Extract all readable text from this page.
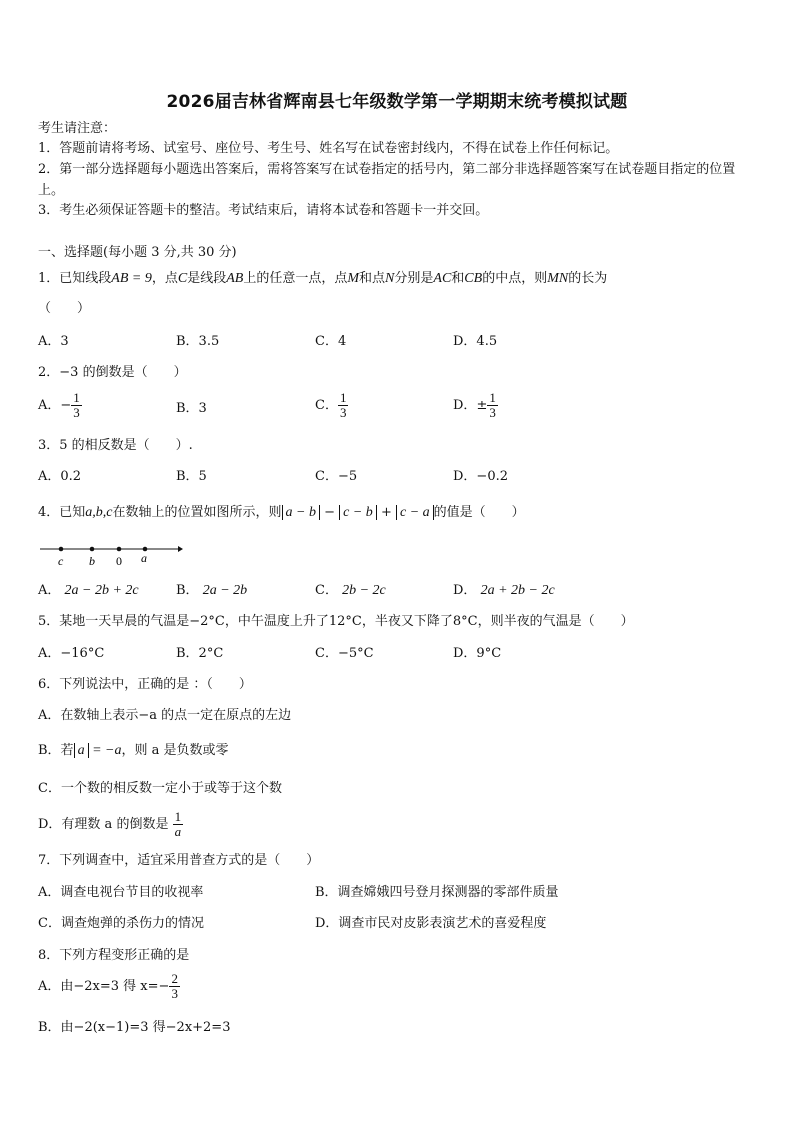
2026届吉林省辉南县七年级数学第一学期期末统考模拟试题
考生请注意：
1．答题前请将考场、试室号、座位号、考生号、姓名写在试卷密封线内，不得在试卷上作任何标记。
2．第一部分选择题每小题选出答案后，需将答案写在试卷指定的括号内，第二部分非选择题答案写在试卷题目指定的位置上。
3．考生必须保证答题卡的整洁。考试结束后，请将本试卷和答题卡一并交回。
一、选择题(每小题 3 分,共 30 分)
1．已知线段AB = 9，点C是线段AB上的任意一点，点M和点N分别是AC和CB的中点，则MN的长为
（　　）
A．3	B．3.5	C．4	D．4.5
2．−3 的倒数是（　　）
A．− $\frac{1}{3}$	B．3	C． $\frac{1}{3}$	D．± $\frac{1}{3}$
3．5 的相反数是（　　）.
A．0.2	B．5	C．−5	D．−0.2
4．已知a,b,c在数轴上的位置如图所示，则 a − b − c − b + c − a 的值是（　　）
c b 0 a
A． 2a − 2b + 2c	B． 2a − 2b	C． 2b − 2c	D． 2a + 2b − 2c
5．某地一天早晨的气温是−2°C，中午温度上升了12°C，半夜又下降了8°C，则半夜的气温是（　　）
A．−16°C	B．2°C	C．−5°C	D．9°C
6．下列说法中，正确的是 ：（　　）
A．在数轴上表示−a 的点一定在原点的左边
B．若 a = −a，则 a 是负数或零
C．一个数的相反数一定小于或等于这个数
D．有理数 a 的倒数是 $\frac{1}{a}$
7．下列调查中，适宜采用普查方式的是（　　）
A．调查电视台节目的收视率	B．调查嫦娥四号登月探测器的零部件质量
C．调查炮弹的杀伤力的情况	D．调查市民对皮影表演艺术的喜爱程度
8．下列方程变形正确的是
A．由−2x=3 得 $x=- \frac{2}{3}$
B．由−2(x−1)=3 得−2x+2=3
